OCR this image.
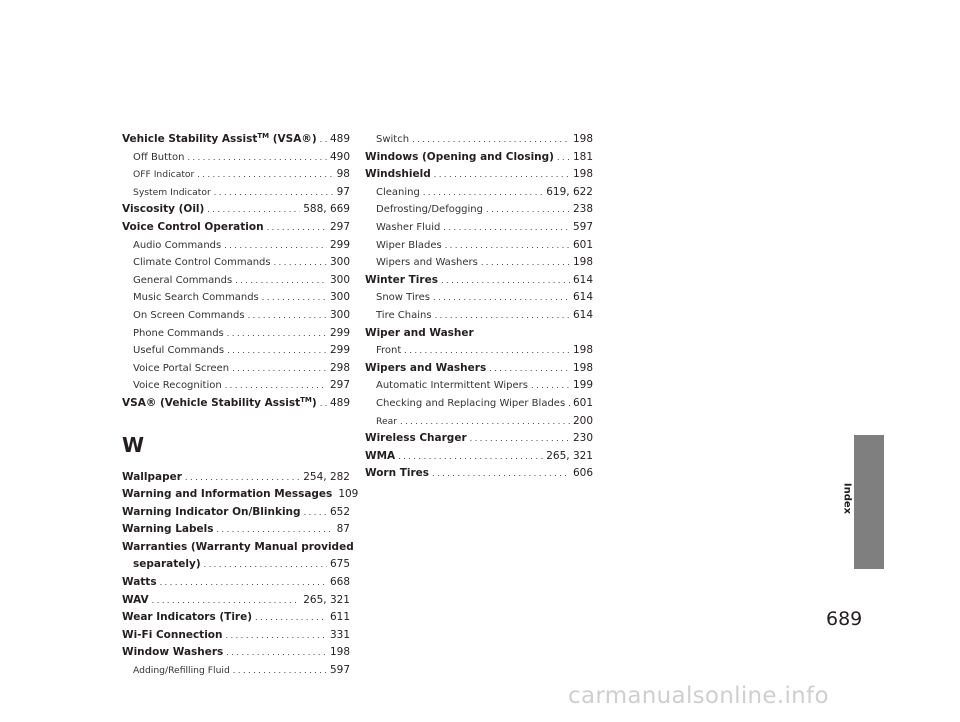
Vehicle Stability Assist™ (VSA®) . . . 489
Off Button . . .	490
OFF Indicator . . .	98
System Indicator . . .	97
Viscosity (Oil) . . .	588, 669
Voice Control Operation . . .	297
Audio Commands . . .	299
Climate Control Commands . . .	300
General Commands . . .	300
Music Search Commands . . .	300
On Screen Commands . . .	300
Phone Commands . . .	299
Useful Commands . . .	299
Voice Portal Screen . . .	298
Voice Recognition . . .	297
VSA® (Vehicle Stability Assist™) . . . 489
W
Wallpaper . . .	254, 282
Warning and Information Messages 109
Warning Indicator On/Blinking . . .	652
Warning Labels . . .	87
Warranties (Warranty Manual provided
separately) . . .	675
Watts . . .	668
WAV . . .	265, 321
Wear Indicators (Tire) . . .	611
Wi-Fi Connection . . .	331
Window Washers . . .	198
Adding/Refilling Fluid . . .	597
Switch . . .	198
Windows (Opening and Closing) . . . 181
Windshield . . .	198
Cleaning . . .	619, 622
Defrosting/Defogging . . .	238
Washer Fluid . . .	597
Wiper Blades . . .	601
Wipers and Washers . . .	198
Winter Tires . . .	614
Snow Tires . . .	614
Tire Chains . . .	614
Wiper and Washer
Front . . .	198
Wipers and Washers . . .	198
Automatic Intermittent Wipers . . .	199
Checking and Replacing Wiper Blades . . . 601
Rear . . .	200
Wireless Charger . . .	230
WMA . . .	265, 321
Worn Tires . . .	606
Index
689
carmanualsonline.info
